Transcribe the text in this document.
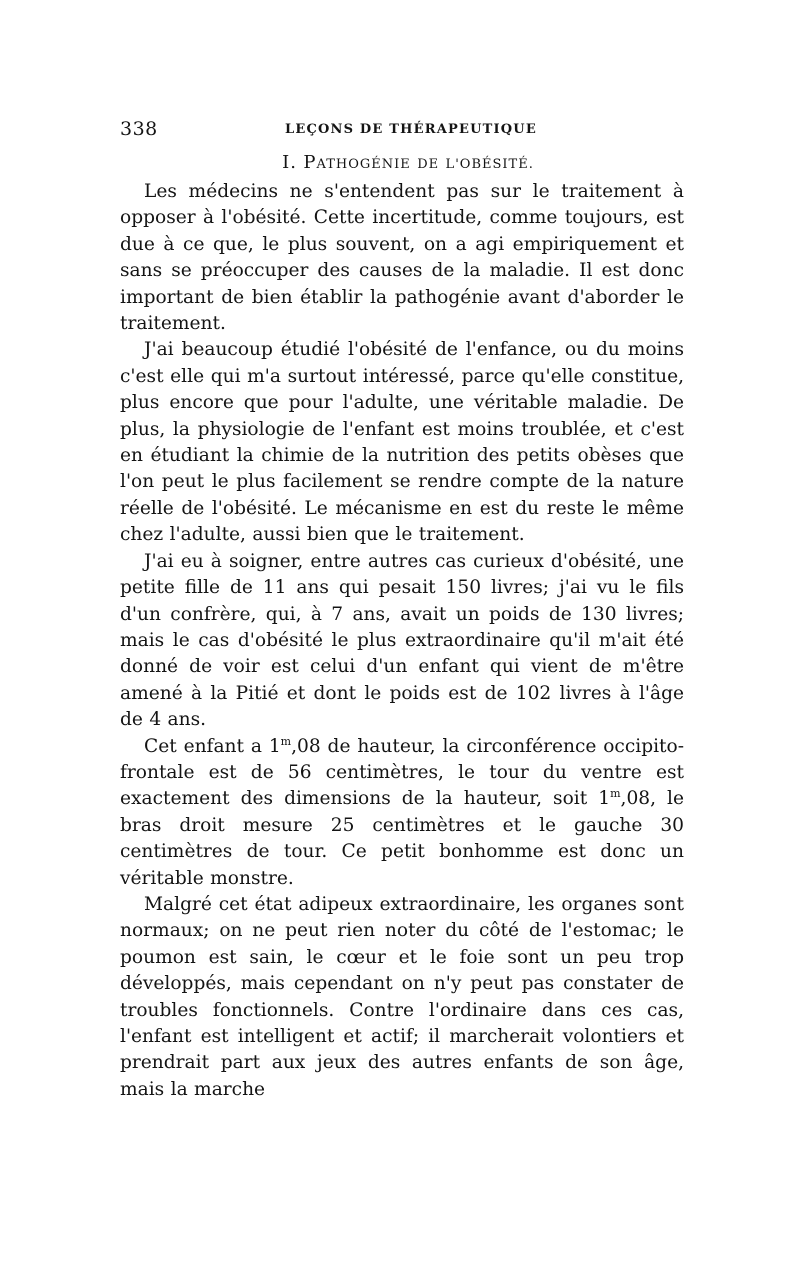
338	LEÇONS DE THÉRAPEUTIQUE
I. PATHOGÉNIE DE L'OBÉSITÉ.

Les médecins ne s'entendent pas sur le traitement à opposer à l'obésité. Cette incertitude, comme toujours, est due à ce que, le plus souvent, on a agi empiriquement et sans se préoccuper des causes de la maladie. Il est donc important de bien établir la pathogénie avant d'aborder le traitement.

J'ai beaucoup étudié l'obésité de l'enfance, ou du moins c'est elle qui m'a surtout intéressé, parce qu'elle constitue, plus encore que pour l'adulte, une véritable maladie. De plus, la physiologie de l'enfant est moins troublée, et c'est en étudiant la chimie de la nutrition des petits obèses que l'on peut le plus facilement se rendre compte de la nature réelle de l'obésité. Le mécanisme en est du reste le même chez l'adulte, aussi bien que le traitement.

J'ai eu à soigner, entre autres cas curieux d'obésité, une petite fille de 11 ans qui pesait 150 livres; j'ai vu le fils d'un confrère, qui, à 7 ans, avait un poids de 130 livres; mais le cas d'obésité le plus extraordinaire qu'il m'ait été donné de voir est celui d'un enfant qui vient de m'être amené à la Pitié et dont le poids est de 102 livres à l'âge de 4 ans.

Cet enfant a 1$^m$,08 de hauteur, la circonférence occipito-frontale est de 56 centimètres, le tour du ventre est exactement des dimensions de la hauteur, soit 1$^m$,08, le bras droit mesure 25 centimètres et le gauche 30 centimètres de tour. Ce petit bonhomme est donc un véritable monstre.

Malgré cet état adipeux extraordinaire, les organes sont normaux; on ne peut rien noter du côté de l'estomac; le poumon est sain, le cœur et le foie sont un peu trop développés, mais cependant on n'y peut pas constater de troubles fonctionnels. Contre l'ordinaire dans ces cas, l'enfant est intelligent et actif; il marcherait volontiers et prendrait part aux jeux des autres enfants de son âge, mais la marche
